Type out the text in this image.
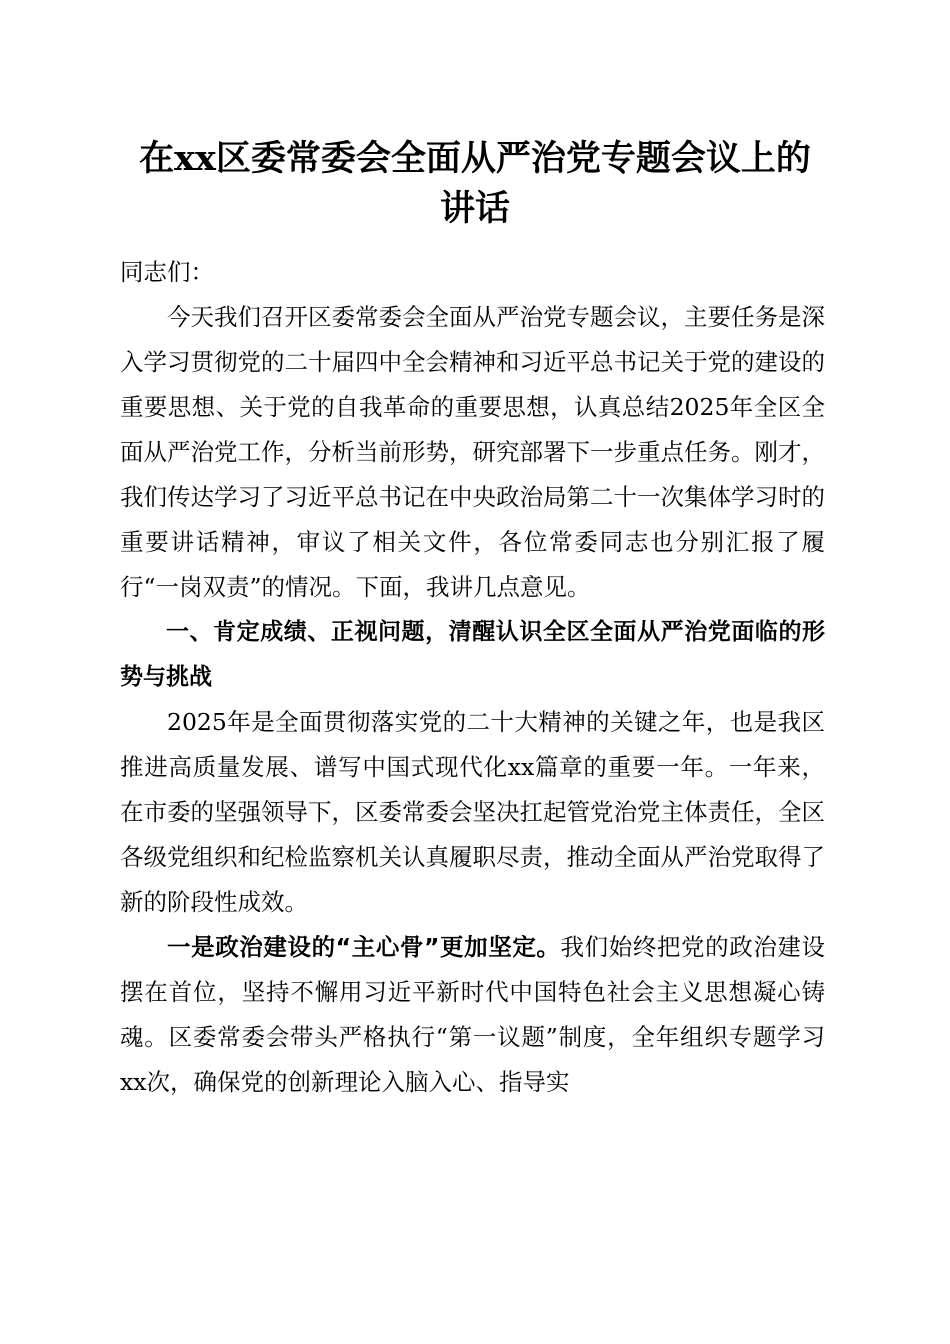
在xx区委常委会全面从严治党专题会议上的
讲话

同志们：

今天我们召开区委常委会全面从严治党专题会议，主要任务是深入学习贯彻党的二十届四中全会精神和习近平总书记关于党的建设的重要思想、关于党的自我革命的重要思想，认真总结2025年全区全面从严治党工作，分析当前形势，研究部署下一步重点任务。刚才，我们传达学习了习近平总书记在中央政治局第二十一次集体学习时的重要讲话精神，审议了相关文件，各位常委同志也分别汇报了履行“一岗双责”的情况。下面，我讲几点意见。

一、肯定成绩、正视问题，清醒认识全区全面从严治党面临的形势与挑战

2025年是全面贯彻落实党的二十大精神的关键之年，也是我区推进高质量发展、谱写中国式现代化xx篇章的重要一年。一年来，在市委的坚强领导下，区委常委会坚决扛起管党治党主体责任，全区各级党组织和纪检监察机关认真履职尽责，推动全面从严治党取得了新的阶段性成效。

一是政治建设的“主心骨”更加坚定。我们始终把党的政治建设摆在首位，坚持不懈用习近平新时代中国特色社会主义思想凝心铸魂。区委常委会带头严格执行“第一议题”制度，全年组织专题学习xx次，确保党的创新理论入脑入心、指导实
